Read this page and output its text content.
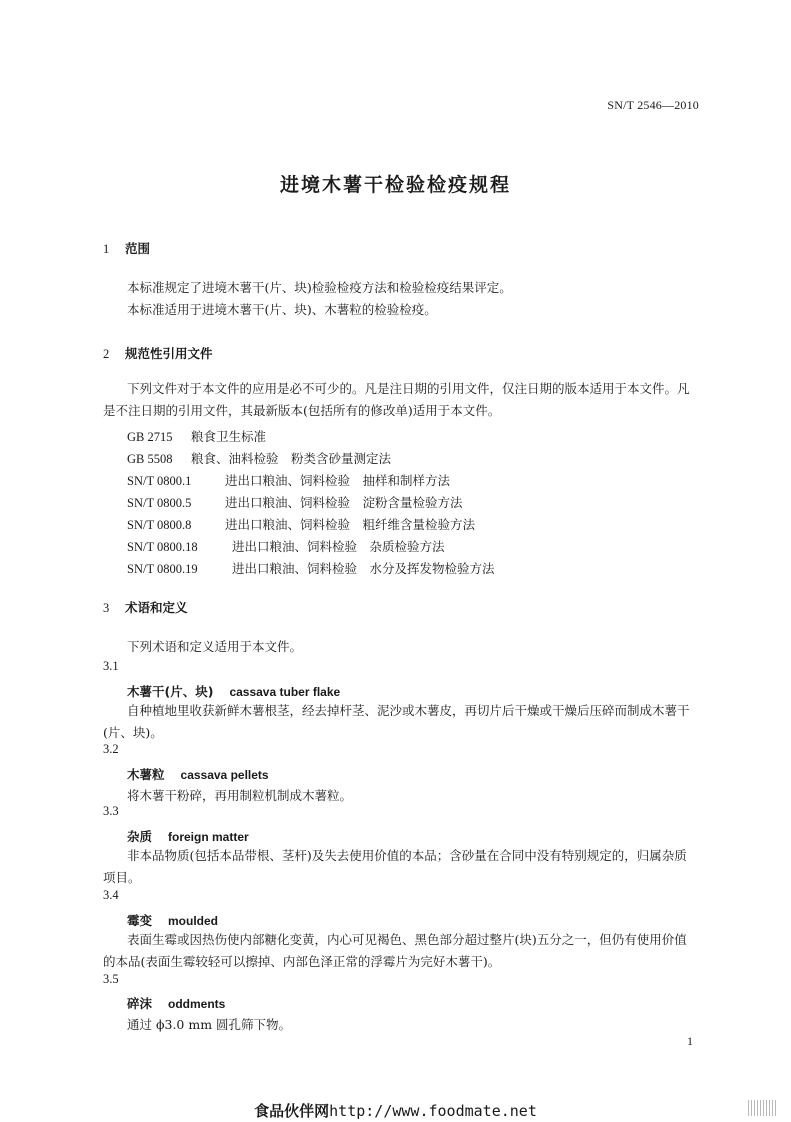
SN/T 2546—2010
进境木薯干检验检疫规程
1 范围
本标准规定了进境木薯干(片、块)检验检疫方法和检验检疫结果评定。
本标准适用于进境木薯干(片、块)、木薯粒的检验检疫。
2 规范性引用文件
下列文件对于本文件的应用是必不可少的。凡是注日期的引用文件，仅注日期的版本适用于本文件。凡是不注日期的引用文件，其最新版本(包括所有的修改单)适用于本文件。
GB 2715 粮食卫生标准
GB 5508 粮食、油料检验　粉类含砂量测定法
SN/T 0800.1	进出口粮油、饲料检验　抽样和制样方法
SN/T 0800.5	进出口粮油、饲料检验　淀粉含量检验方法
SN/T 0800.8	进出口粮油、饲料检验　粗纤维含量检验方法
SN/T 0800.18	进出口粮油、饲料检验　杂质检验方法
SN/T 0800.19	进出口粮油、饲料检验　水分及挥发物检验方法
3 术语和定义
下列术语和定义适用于本文件。
3.1
木薯干(片、块) cassava tuber flake
自种植地里收获新鲜木薯根茎，经去掉杆茎、泥沙或木薯皮，再切片后干燥或干燥后压碎而制成木薯干(片、块)。
3.2
木薯粒 cassava pellets
将木薯干粉碎，再用制粒机制成木薯粒。
3.3
杂质 foreign matter
非本品物质(包括本品带根、茎杆)及失去使用价值的本品；含砂量在合同中没有特别规定的，归属杂质项目。
3.4
霉变 moulded
表面生霉或因热伤使内部糖化变黄，内心可见褐色、黑色部分超过整片(块)五分之一，但仍有使用价值的本品(表面生霉较轻可以擦掉、内部色泽正常的浮霉片为完好木薯干)。
3.5
碎沫 oddments
通过 ϕ3.0 mm 圆孔筛下物。
1
食品伙伴网http://www.foodmate.net
